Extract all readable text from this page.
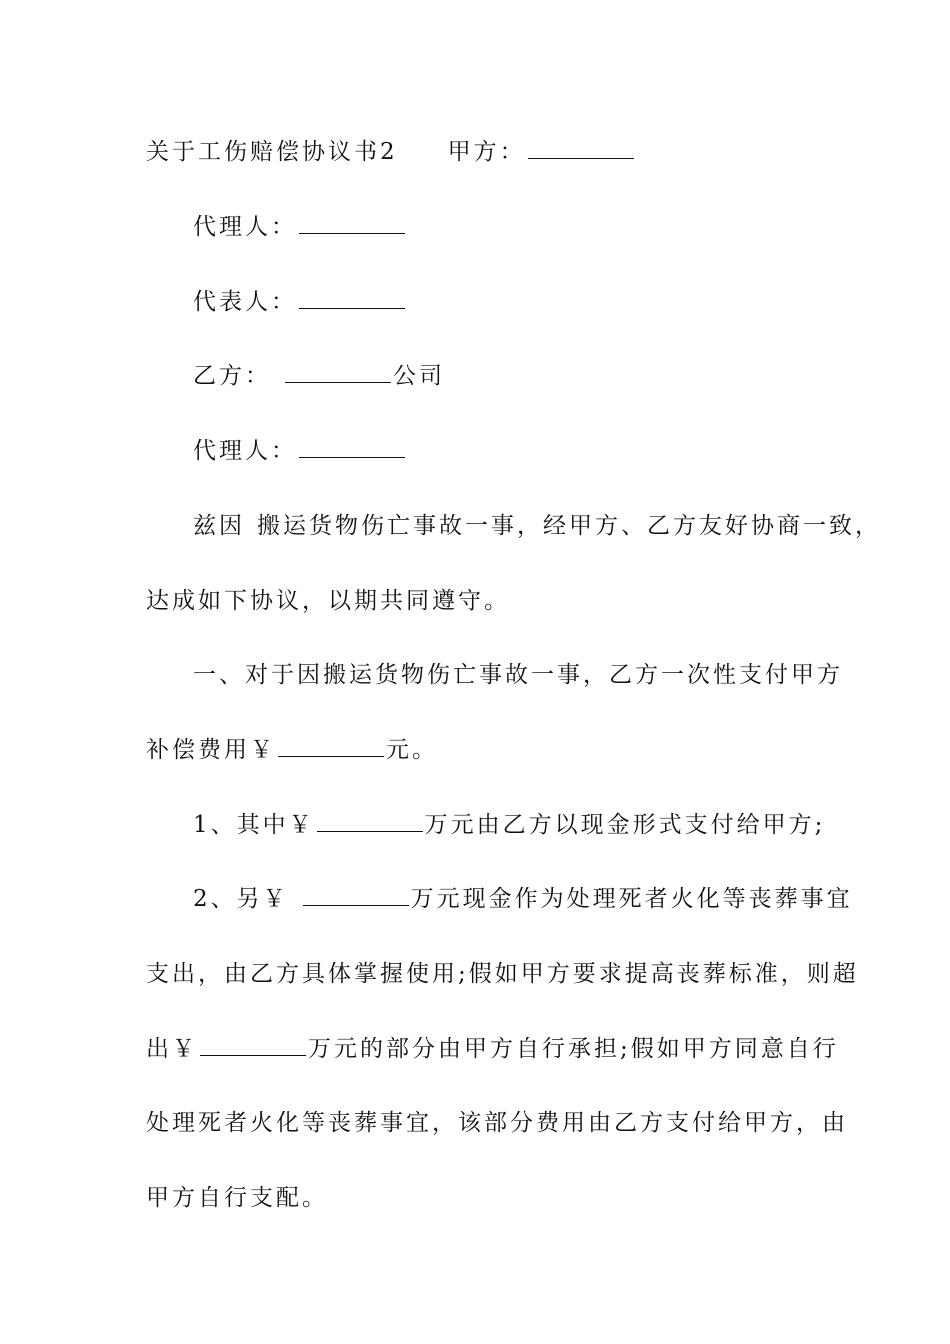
关于工伤赔偿协议书2 甲方：
代理人：
代表人：
乙方：	公司
代理人：
兹因 搬运货物伤亡事故一事，经甲方、乙方友好协商一致，
达成如下协议，以期共同遵守。
一、对于因搬运货物伤亡事故一事，乙方一次性支付甲方
补偿费用￥	元。
1、其中￥	万元由乙方以现金形式支付给甲方;
2、另￥	万元现金作为处理死者火化等丧葬事宜
支出，由乙方具体掌握使用;假如甲方要求提高丧葬标准，则超
出￥	万元的部分由甲方自行承担;假如甲方同意自行
处理死者火化等丧葬事宜，该部分费用由乙方支付给甲方，由
甲方自行支配。
